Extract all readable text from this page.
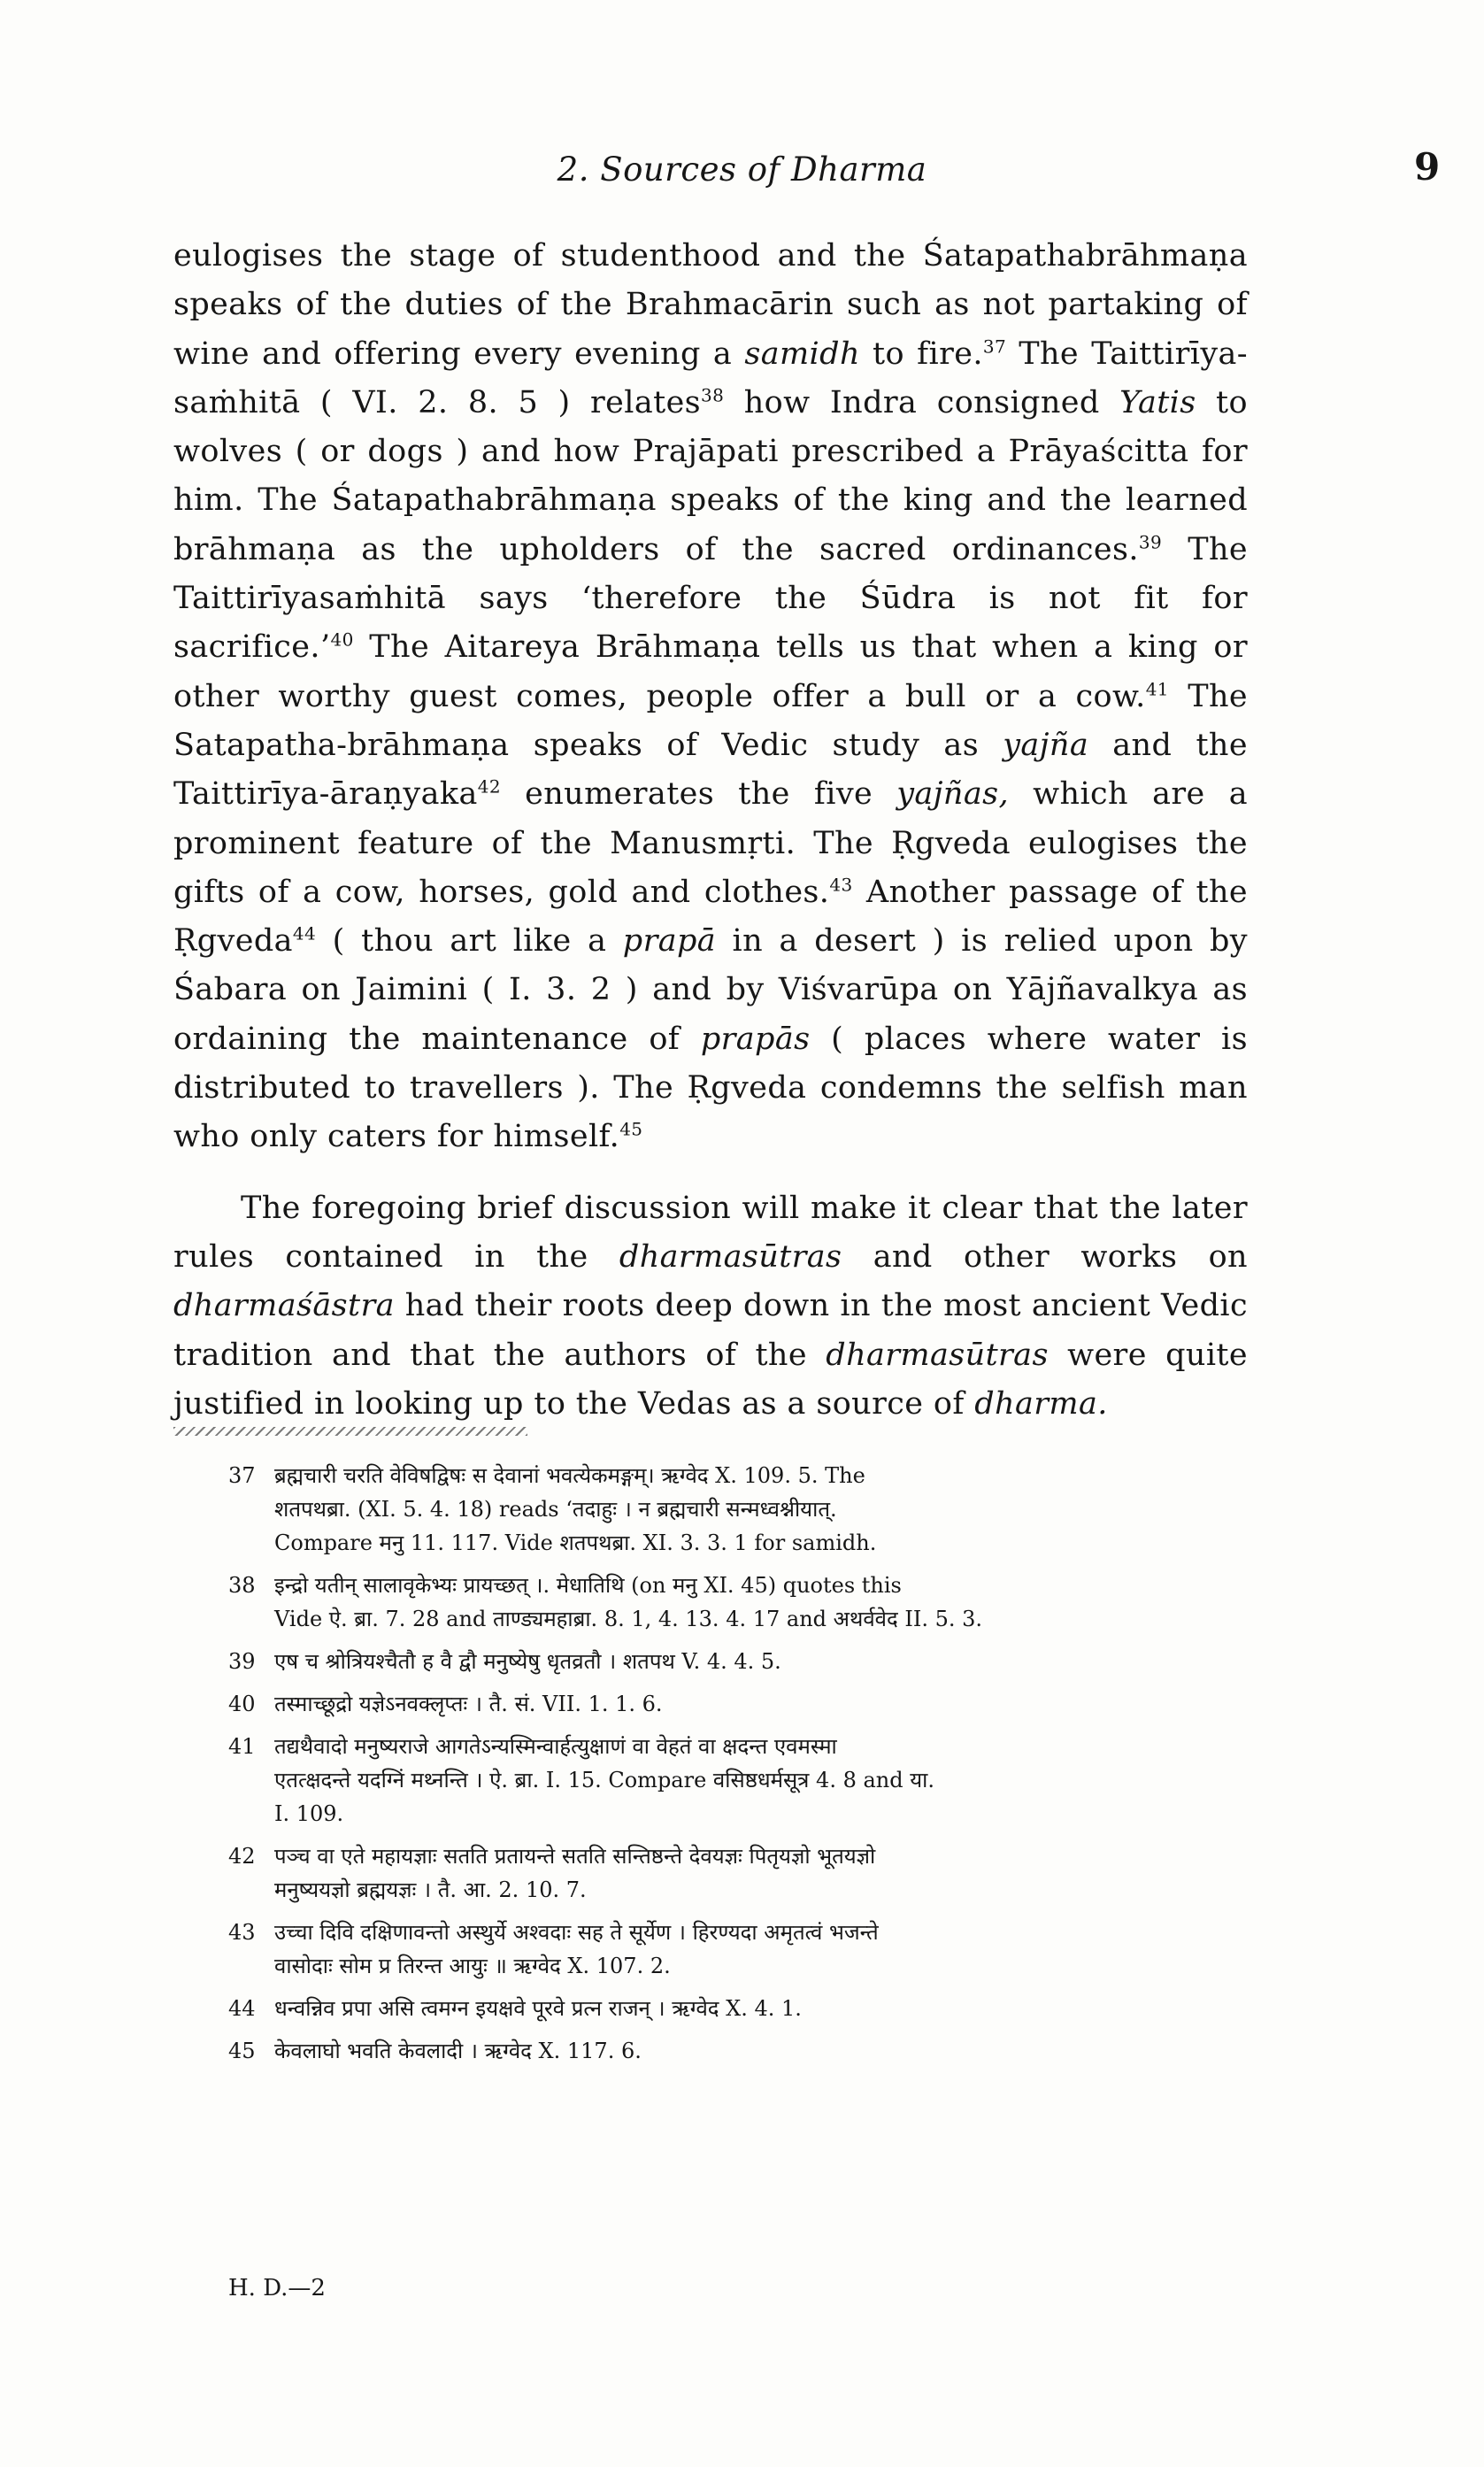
2. Sources of Dharma	9

eulogises the stage of studenthood and the Śatapathabrāhmaṇa speaks of the duties of the Brahmacārin such as not partaking of wine and offering every evening a samidh to fire.$^{37}$ The Taittirīya-saṁhitā ( VI. 2. 8. 5 ) relates$^{38}$ how Indra consigned Yatis to wolves ( or dogs ) and how Prajāpati prescribed a Prāyaścitta for him. The Śatapathabrāhmaṇa speaks of the king and the learned brāhmaṇa as the upholders of the sacred ordinances.$^{39}$ The Taittirīyasaṁhitā says ‘therefore the Śūdra is not fit for sacrifice.’$^{40}$ The Aitareya Brāhmaṇa tells us that when a king or other worthy guest comes, people offer a bull or a cow.$^{41}$ The Satapatha-brāhmaṇa speaks of Vedic study as yajña and the Taittirīya-āraṇyaka$^{42}$ enumerates the five yajñas, which are a prominent feature of the Manusmṛti. The Ṛgveda eulogises the gifts of a cow, horses, gold and clothes.$^{43}$ Another passage of the Ṛgveda$^{44}$ ( thou art like a prapā in a desert ) is relied upon by Śabara on Jaimini ( I. 3. 2 ) and by Viśvarūpa on Yājñavalkya as ordaining the maintenance of prapās ( places where water is distributed to travellers ). The Ṛgveda condemns the selfish man who only caters for himself.$^{45}$

The foregoing brief discussion will make it clear that the later rules contained in the dharmasūtras and other works on dharmaśāstra had their roots deep down in the most ancient Vedic tradition and that the authors of the dharmasūtras were quite justified in looking up to the Vedas as a source of dharma.

37 ब्रह्मचारी चरति वेविषद्विषः स देवानां भवत्येकमङ्गम्। ऋग्वेद X. 109. 5. The
शतपथब्रा. (XI. 5. 4. 18) reads ‘तदाहुः । न ब्रह्मचारी सन्मध्वश्नीयात्.
Compare मनु 11. 117. Vide शतपथब्रा. XI. 3. 3. 1 for samidh.
38 इन्द्रो यतीन् सालावृकेभ्यः प्रायच्छत् ।. मेधातिथि (on मनु XI. 45) quotes this
Vide ऐ. ब्रा. 7. 28 and ताण्ड्यमहाब्रा. 8. 1, 4. 13. 4. 17 and अथर्ववेद II. 5. 3.
39 एष च श्रोत्रियश्चैतौ ह वै द्वौ मनुष्येषु धृतव्रतौ । शतपथ V. 4. 4. 5.
40 तस्माच्छूद्रो यज्ञेऽनवक्लृप्तः । तै. सं. VII. 1. 1. 6.
41 तद्यथैवादो मनुष्यराजे आगतेऽन्यस्मिन्वार्हत्युक्षाणं वा वेहतं वा क्षदन्त एवमस्मा
एतत्क्षदन्ते यदग्निं मथ्नन्ति । ऐ. ब्रा. I. 15. Compare वसिष्ठधर्मसूत्र 4. 8 and या.
I. 109.
42 पञ्च वा एते महायज्ञाः सतति प्रतायन्ते सतति सन्तिष्ठन्ते देवयज्ञः पितृयज्ञो भूतयज्ञो
मनुष्ययज्ञो ब्रह्मयज्ञः । तै. आ. 2. 10. 7.
43 उच्चा दिवि दक्षिणावन्तो अस्थुर्ये अश्वदाः सह ते सूर्येण । हिरण्यदा अमृतत्वं भजन्ते
वासोदाः सोम प्र तिरन्त आयुः ॥ ऋग्वेद X. 107. 2.
44 धन्वन्निव प्रपा असि त्वमग्न इयक्षवे पूरवे प्रत्न राजन् । ऋग्वेद X. 4. 1.
45 केवलाघो भवति केवलादी । ऋग्वेद X. 117. 6.
H. D.—2
